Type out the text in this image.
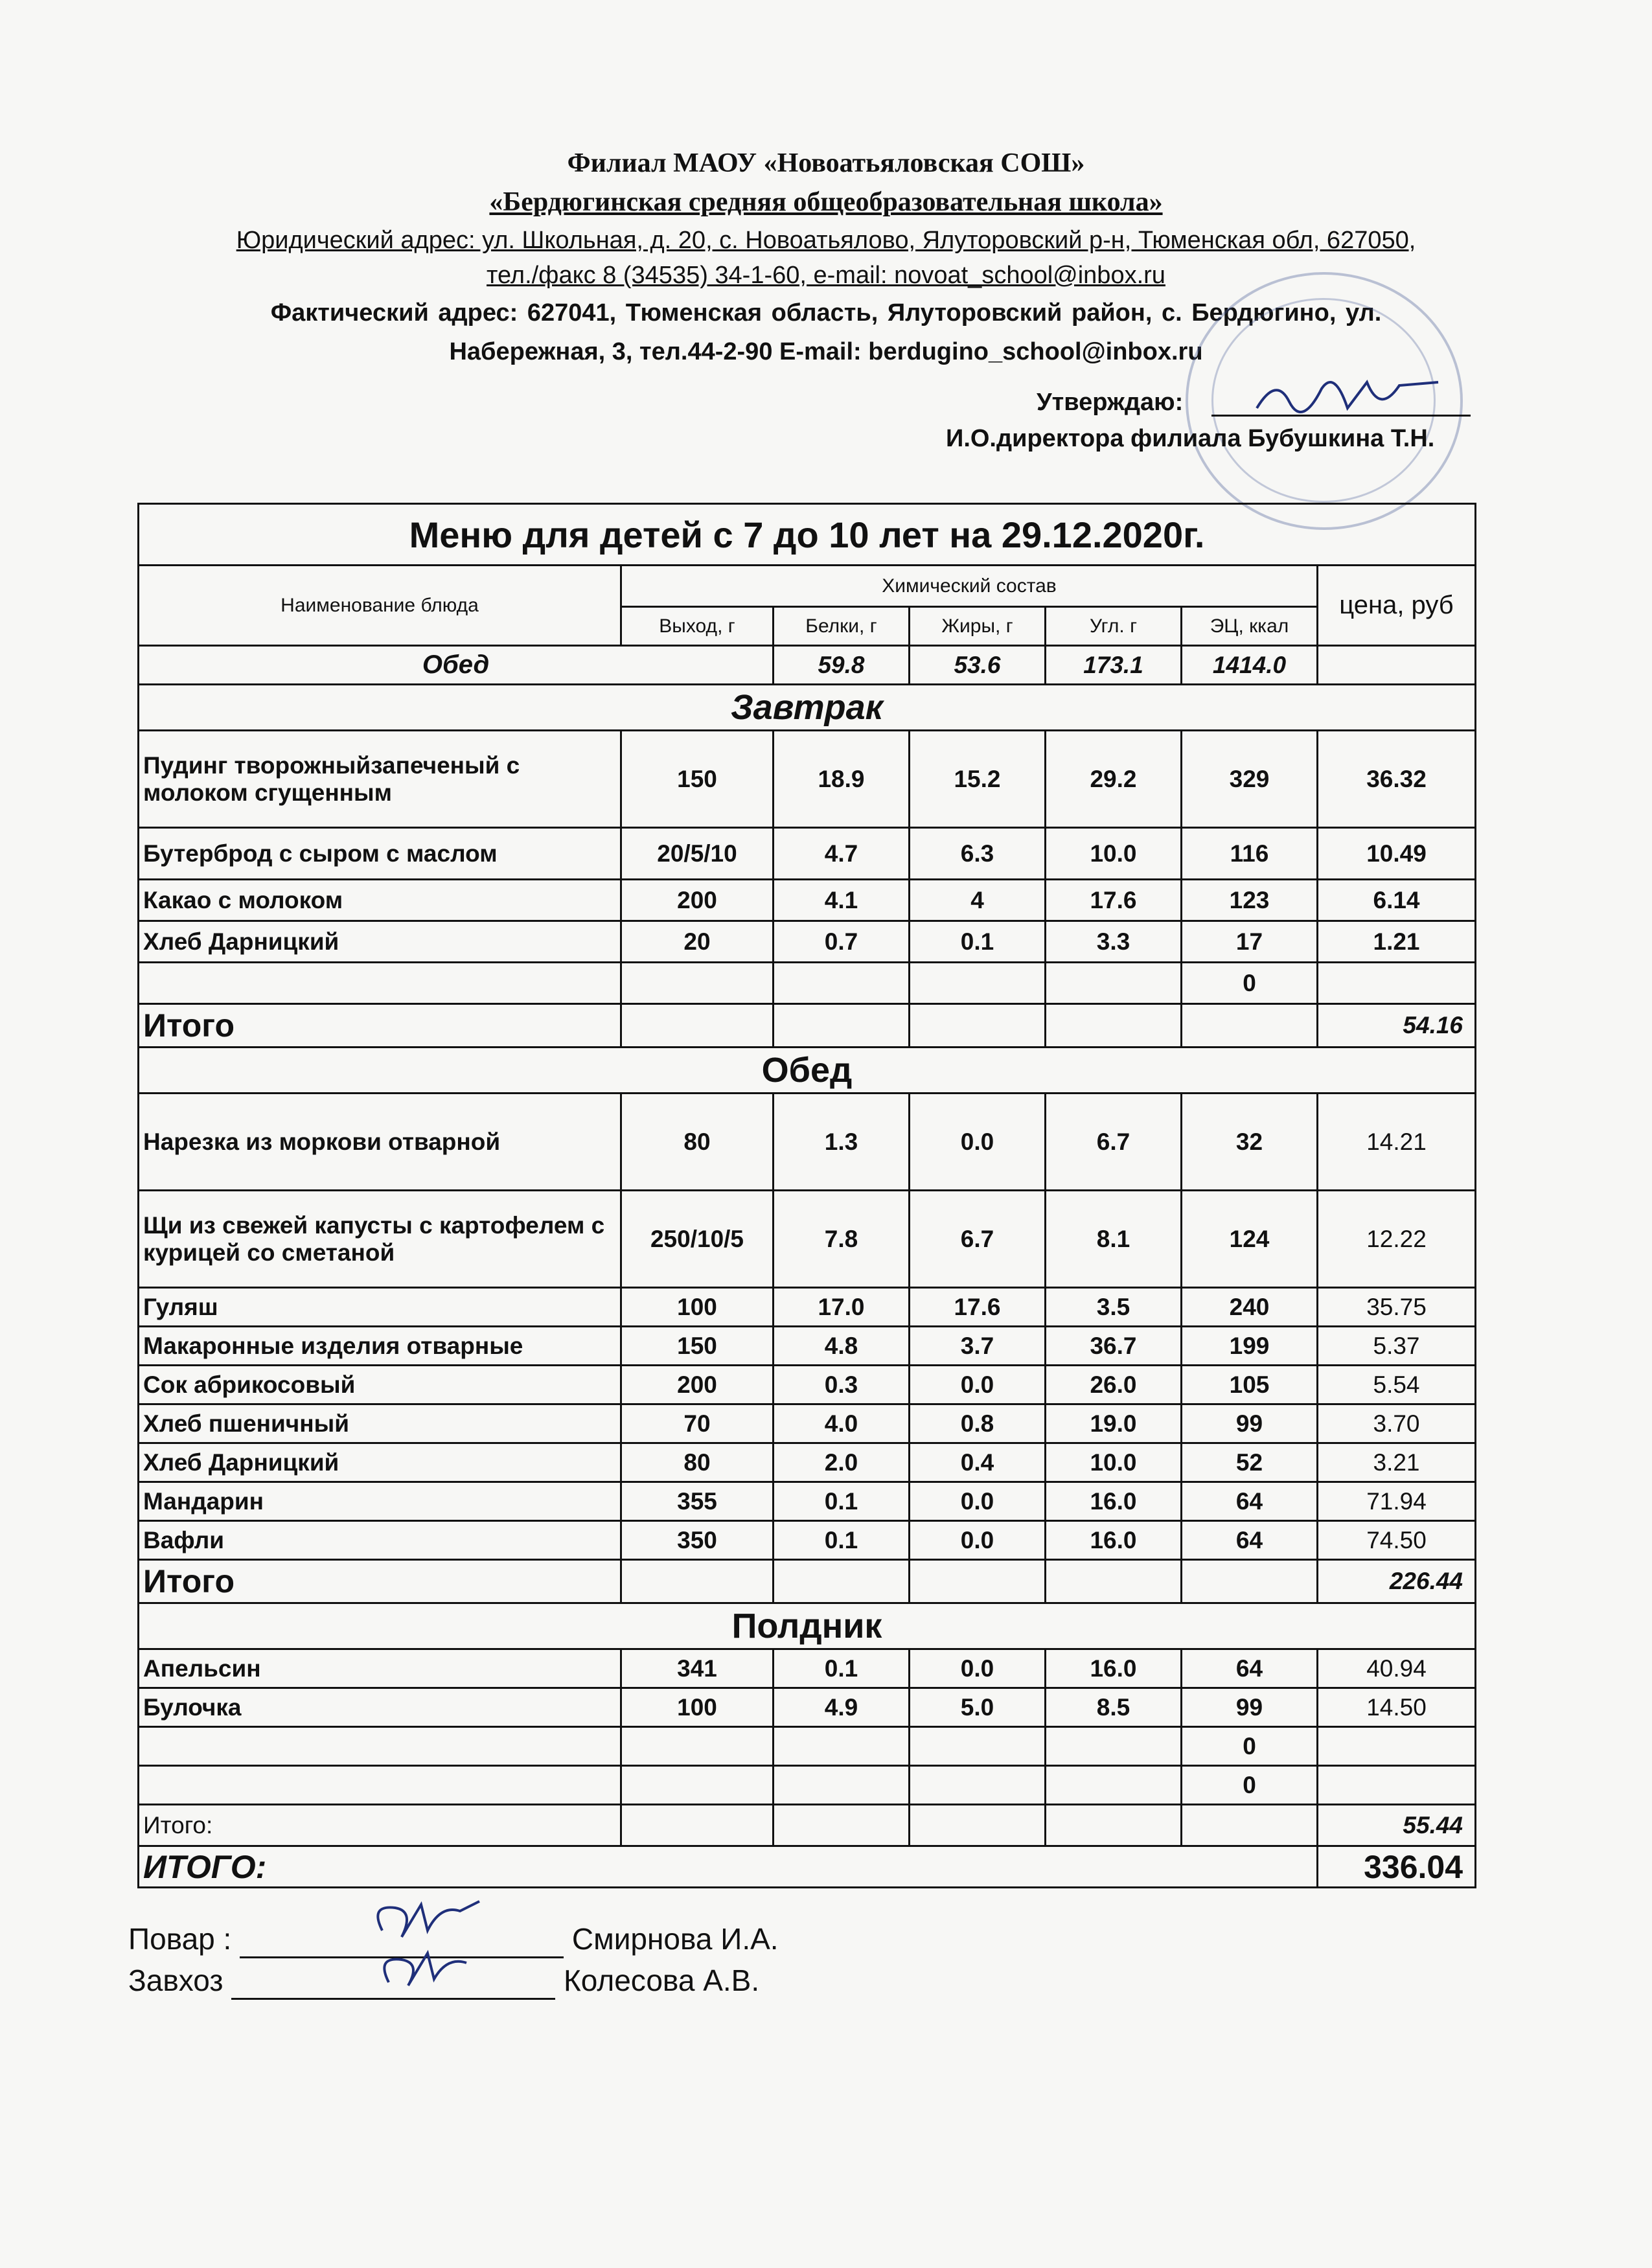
Филиал МАОУ «Новоатьяловская СОШ»
«Бердюгинская средняя общеобразовательная школа»
Юридический адрес: ул. Школьная, д. 20, с. Новоатьялово, Ялуторовский р-н, Тюменская обл, 627050,
тел./факс 8 (34535) 34-1-60, e-mail: novoat_school@inbox.ru
Фактический адрес: 627041, Тюменская область, Ялуторовский район, с. Бердюгино, ул.
Набережная, 3, тел.44-2-90 E-mail: berdugino_school@inbox.ru
Утверждаю:
И.О.директора филиала Бубушкина Т.Н.
Меню для детей с 7 до 10 лет на 29.12.2020г.						
Наименование блюда	Химический состав					цена, руб
	Выход, г	Белки, г	Жиры, г	Угл. г	ЭЦ, ккал	
Обед		59.8	53.6	173.1	1414.0	
Завтрак						
Пудинг творожныйзапеченый с молоком сгущенным	150	18.9	15.2	29.2	329	36.32
Бутерброд с сыром с маслом	20/5/10	4.7	6.3	10.0	116	10.49
Какао с молоком	200	4.1	4	17.6	123	6.14
Хлеб Дарницкий	20	0.7	0.1	3.3	17	1.21
					0	
Итого						54.16
Обед						
Нарезка из моркови отварной	80	1.3	0.0	6.7	32	14.21
Щи из свежей капусты с картофелем с курицей со сметаной	250/10/5	7.8	6.7	8.1	124	12.22
Гуляш	100	17.0	17.6	3.5	240	35.75
Макаронные изделия отварные	150	4.8	3.7	36.7	199	5.37
Сок абрикосовый	200	0.3	0.0	26.0	105	5.54
Хлеб пшеничный	70	4.0	0.8	19.0	99	3.70
Хлеб Дарницкий	80	2.0	0.4	10.0	52	3.21
Мандарин	355	0.1	0.0	16.0	64	71.94
Вафли	350	0.1	0.0	16.0	64	74.50
Итого						226.44
Полдник						
Апельсин	341	0.1	0.0	16.0	64	40.94
Булочка	100	4.9	5.0	8.5	99	14.50
					0	
					0	
Итого:						55.44
ИТОГО:						336.04
Повар :	Смирнова И.А.
Завхоз	Колесова А.В.
